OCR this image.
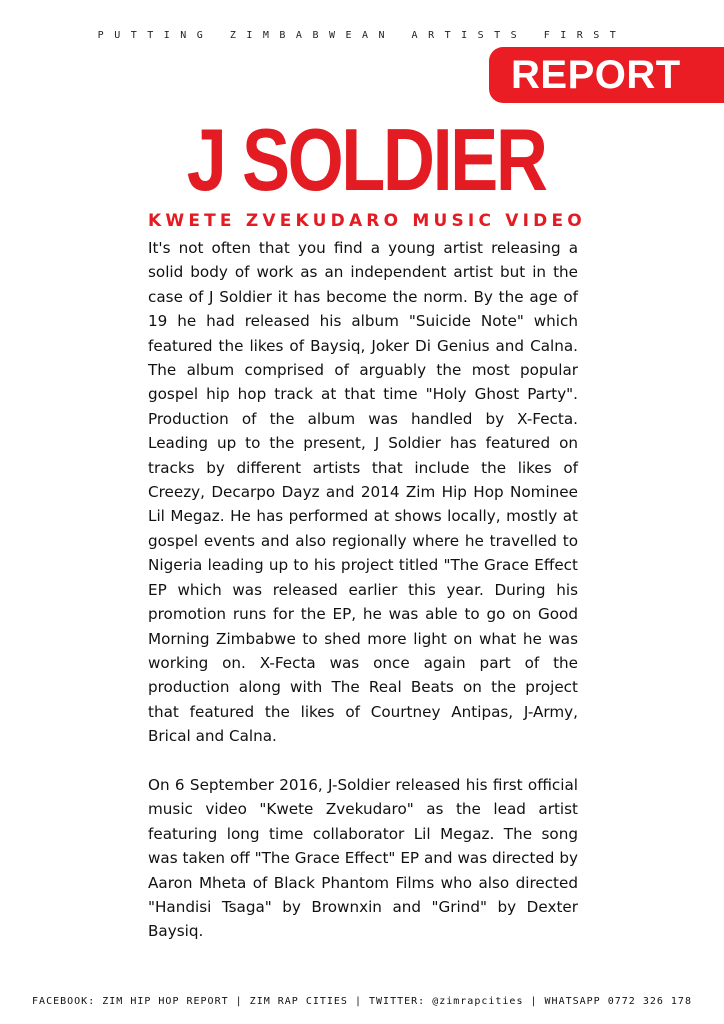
PUTTING ZIMBABWEAN ARTISTS FIRST
REPORT
J SOLDIER
KWETE ZVEKUDARO MUSIC VIDEO

It's not often that you find a young artist releasing a solid body of work as an independent artist but in the case of J Soldier it has become the norm. By the age of 19 he had released his album "Suicide Note" which featured the likes of Baysiq, Joker Di Genius and Calna. The album comprised of arguably the most popular gospel hip hop track at that time "Holy Ghost Party". Production of the album was handled by X-Fecta. Leading up to the present, J Soldier has featured on tracks by different artists that include the likes of Creezy, Decarpo Dayz and 2014 Zim Hip Hop Nominee Lil Megaz. He has performed at shows locally, mostly at gospel events and also regionally where he travelled to Nigeria leading up to his project titled "The Grace Effect EP which was released earlier this year. During his promotion runs for the EP, he was able to go on Good Morning Zimbabwe to shed more light on what he was working on. X-Fecta was once again part of the production along with The Real Beats on the project that featured the likes of Courtney Antipas, J-Army, Brical and Calna.

On 6 September 2016, J-Soldier released his first official music video "Kwete Zvekudaro" as the lead artist featuring long time collaborator Lil Megaz. The song was taken off "The Grace Effect" EP and was directed by Aaron Mheta of Black Phantom Films who also directed "Handisi Tsaga" by Brownxin and "Grind" by Dexter Baysiq.

FACEBOOK: ZIM HIP HOP REPORT | ZIM RAP CITIES | TWITTER: @zimrapcities | WHATSAPP 0772 326 178
